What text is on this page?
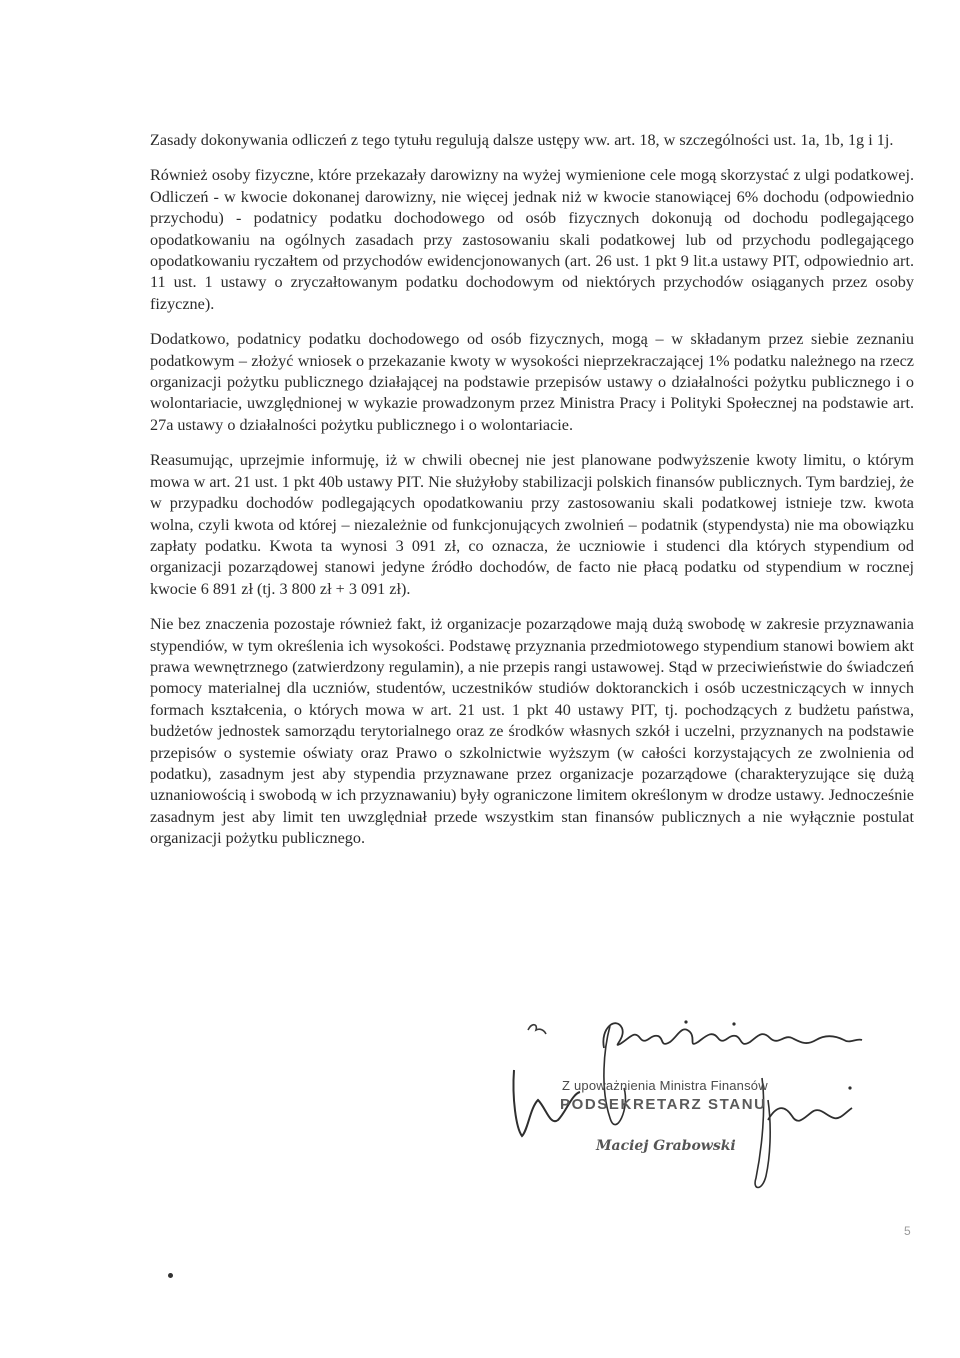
Zasady dokonywania odliczeń z tego tytułu regulują dalsze ustępy ww. art. 18, w szczególności ust. 1a, 1b, 1g i 1j.

Również osoby fizyczne, które przekazały darowizny na wyżej wymienione cele mogą skorzystać z ulgi podatkowej. Odliczeń - w kwocie dokonanej darowizny, nie więcej jednak niż w kwocie stanowiącej 6% dochodu (odpowiednio przychodu) - podatnicy podatku dochodowego od osób fizycznych dokonują od dochodu podlegającego opodatkowaniu na ogólnych zasadach przy zastosowaniu skali podatkowej lub od przychodu podlegającego opodatkowaniu ryczałtem od przychodów ewidencjonowanych (art. 26 ust. 1 pkt 9 lit.a ustawy PIT, odpowiednio art. 11 ust. 1 ustawy o zryczałtowanym podatku dochodowym od niektórych przychodów osiąganych przez osoby fizyczne).

Dodatkowo, podatnicy podatku dochodowego od osób fizycznych, mogą – w składanym przez siebie zeznaniu podatkowym – złożyć wniosek o przekazanie kwoty w wysokości nieprzekraczającej 1% podatku należnego na rzecz organizacji pożytku publicznego działającej na podstawie przepisów ustawy o działalności pożytku publicznego i o wolontariacie, uwzględnionej w wykazie prowadzonym przez Ministra Pracy i Polityki Społecznej na podstawie art. 27a ustawy o działalności pożytku publicznego i o wolontariacie.

Reasumując, uprzejmie informuję, iż w chwili obecnej nie jest planowane podwyższenie kwoty limitu, o którym mowa w art. 21 ust. 1 pkt 40b ustawy PIT. Nie służyłoby stabilizacji polskich finansów publicznych. Tym bardziej, że w przypadku dochodów podlegających opodatkowaniu przy zastosowaniu skali podatkowej istnieje tzw. kwota wolna, czyli kwota od której – niezależnie od funkcjonujących zwolnień – podatnik (stypendysta) nie ma obowiązku zapłaty podatku. Kwota ta wynosi 3 091 zł, co oznacza, że uczniowie i studenci dla których stypendium od organizacji pozarządowej stanowi jedyne źródło dochodów, de facto nie płacą podatku od stypendium w rocznej kwocie 6 891 zł (tj. 3 800 zł + 3 091 zł).

Nie bez znaczenia pozostaje również fakt, iż organizacje pozarządowe mają dużą swobodę w zakresie przyznawania stypendiów, w tym określenia ich wysokości. Podstawę przyznania przedmiotowego stypendium stanowi bowiem akt prawa wewnętrznego (zatwierdzony regulamin), a nie przepis rangi ustawowej. Stąd w przeciwieństwie do świadczeń pomocy materialnej dla uczniów, studentów, uczestników studiów doktoranckich i osób uczestniczących w innych formach kształcenia, o których mowa w art. 21 ust. 1 pkt 40 ustawy PIT, tj. pochodzących z budżetu państwa, budżetów jednostek samorządu terytorialnego oraz ze środków własnych szkół i uczelni, przyznanych na podstawie przepisów o systemie oświaty oraz Prawo o szkolnictwie wyższym (w całości korzystających ze zwolnienia od podatku), zasadnym jest aby stypendia przyznawane przez organizacje pozarządowe (charakteryzujące się dużą uznaniowością i swobodą w ich przyznawaniu) były ograniczone limitem określonym w drodze ustawy. Jednocześnie zasadnym jest aby limit ten uwzględniał przede wszystkim stan finansów publicznych a nie wyłącznie postulat organizacji pożytku publicznego.

Z upoważnienia Ministra Finansów
PODSEKRETARZ STANU
Maciej Grabowski
5
